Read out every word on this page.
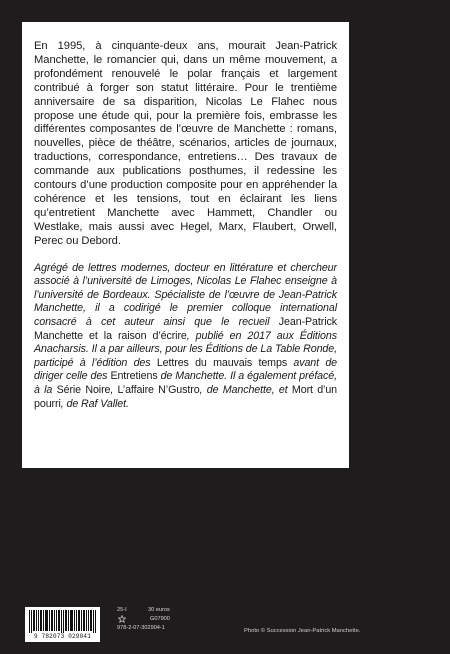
En 1995, à cinquante-deux ans, mourait Jean-Patrick Manchette, le romancier qui, dans un même mouvement, a profondément renouvelé le polar français et largement contribué à forger son statut littéraire. Pour le trentième anniversaire de sa disparition, Nicolas Le Flahec nous propose une étude qui, pour la première fois, embrasse les différentes composantes de l’œuvre de Manchette : romans, nouvelles, pièce de théâtre, scénarios, articles de journaux, traductions, correspondance, entretiens… Des travaux de commande aux publications posthumes, il redessine les contours d’une production composite pour en appréhender la cohérence et les tensions, tout en éclairant les liens qu’entretient Manchette avec Hammett, Chandler ou Westlake, mais aussi avec Hegel, Marx, Flaubert, Orwell, Perec ou Debord.

Agrégé de lettres modernes, docteur en littérature et chercheur associé à l’université de Limoges, Nicolas Le Flahec enseigne à l’université de Bordeaux. Spécialiste de l’œuvre de Jean-Patrick Manchette, il a codirigé le premier colloque international consacré à cet auteur ainsi que le recueil Jean-Patrick Manchette et la raison d’écrire, publié en 2017 aux Éditions Anacharsis. Il a par ailleurs, pour les Éditions de La Table Ronde, participé à l’édition des Lettres du mauvais temps avant de diriger celle des Entretiens de Manchette. Il a également préfacé, à la Série Noire, L’affaire N’Gustro, de Manchette, et Mort d’un pourri, de Raf Vallet.

9 782073 029041
25-I	30 euros
G07900
978-2-07-302904-1	Photo © Succession Jean-Patrick Manchette.
